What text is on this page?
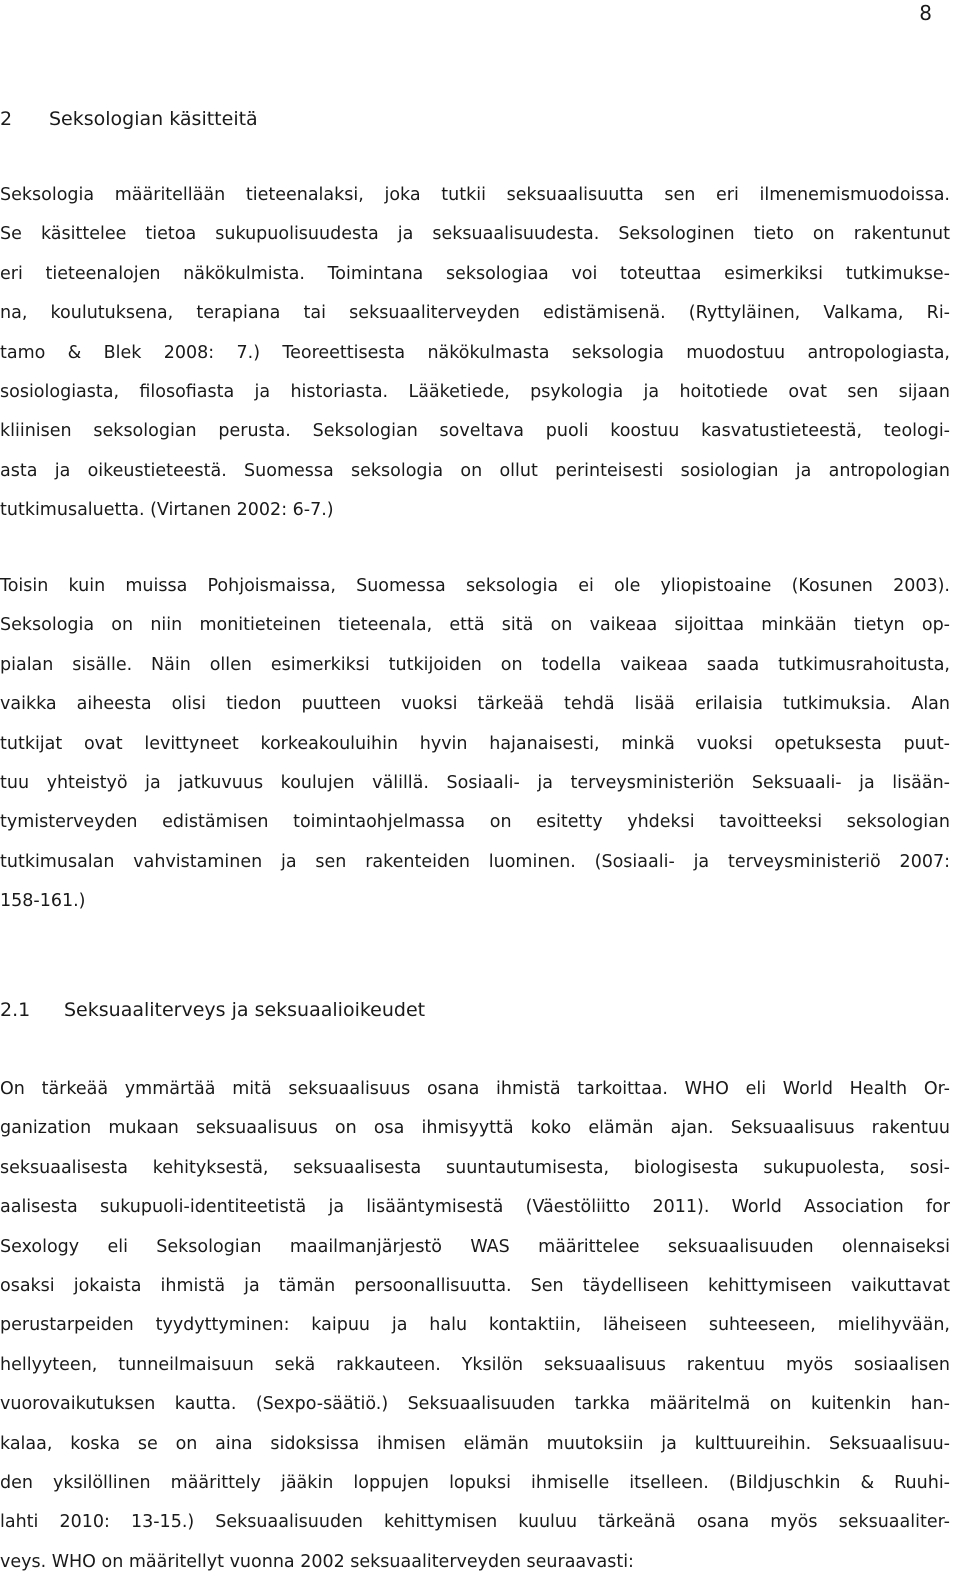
8
2 Seksologian käsitteitä
Seksologia määritellään tieteenalaksi, joka tutkii seksuaalisuutta sen eri ilmenemismuodoissa.
Se käsittelee tietoa sukupuolisuudesta ja seksuaalisuudesta. Seksologinen tieto on rakentunut
eri tieteenalojen näkökulmista. Toimintana seksologiaa voi toteuttaa esimerkiksi tutkimukse-
na, koulutuksena, terapiana tai seksuaaliterveyden edistämisenä. (Ryttyläinen, Valkama, Ri-
tamo & Blek 2008: 7.) Teoreettisesta näkökulmasta seksologia muodostuu antropologiasta,
sosiologiasta, filosofiasta ja historiasta. Lääketiede, psykologia ja hoitotiede ovat sen sijaan
kliinisen seksologian perusta. Seksologian soveltava puoli koostuu kasvatustieteestä, teologi-
asta ja oikeustieteestä. Suomessa seksologia on ollut perinteisesti sosiologian ja antropologian
tutkimusaluetta. (Virtanen 2002: 6-7.)
Toisin kuin muissa Pohjoismaissa, Suomessa seksologia ei ole yliopistoaine (Kosunen 2003).
Seksologia on niin monitieteinen tieteenala, että sitä on vaikeaa sijoittaa minkään tietyn op-
pialan sisälle. Näin ollen esimerkiksi tutkijoiden on todella vaikeaa saada tutkimusrahoitusta,
vaikka aiheesta olisi tiedon puutteen vuoksi tärkeää tehdä lisää erilaisia tutkimuksia. Alan
tutkijat ovat levittyneet korkeakouluihin hyvin hajanaisesti, minkä vuoksi opetuksesta puut-
tuu yhteistyö ja jatkuvuus koulujen välillä. Sosiaali- ja terveysministeriön Seksuaali- ja lisään-
tymisterveyden edistämisen toimintaohjelmassa on esitetty yhdeksi tavoitteeksi seksologian
tutkimusalan vahvistaminen ja sen rakenteiden luominen. (Sosiaali- ja terveysministeriö 2007:
158-161.)
2.1 Seksuaaliterveys ja seksuaalioikeudet
On tärkeää ymmärtää mitä seksuaalisuus osana ihmistä tarkoittaa. WHO eli World Health Or-
ganization mukaan seksuaalisuus on osa ihmisyyttä koko elämän ajan. Seksuaalisuus rakentuu
seksuaalisesta kehityksestä, seksuaalisesta suuntautumisesta, biologisesta sukupuolesta, sosi-
aalisesta sukupuoli-identiteetistä ja lisääntymisestä (Väestöliitto 2011). World Association for
Sexology eli Seksologian maailmanjärjestö WAS määrittelee seksuaalisuuden olennaiseksi
osaksi jokaista ihmistä ja tämän persoonallisuutta. Sen täydelliseen kehittymiseen vaikuttavat
perustarpeiden tyydyttyminen: kaipuu ja halu kontaktiin, läheiseen suhteeseen, mielihyvään,
hellyyteen, tunneilmaisuun sekä rakkauteen. Yksilön seksuaalisuus rakentuu myös sosiaalisen
vuorovaikutuksen kautta. (Sexpo-säätiö.) Seksuaalisuuden tarkka määritelmä on kuitenkin han-
kalaa, koska se on aina sidoksissa ihmisen elämän muutoksiin ja kulttuureihin. Seksuaalisuu-
den yksilöllinen määrittely jääkin loppujen lopuksi ihmiselle itselleen. (Bildjuschkin & Ruuhi-
lahti 2010: 13-15.) Seksuaalisuuden kehittymisen kuuluu tärkeänä osana myös seksuaaliter-
veys. WHO on määritellyt vuonna 2002 seksuaaliterveyden seuraavasti:
